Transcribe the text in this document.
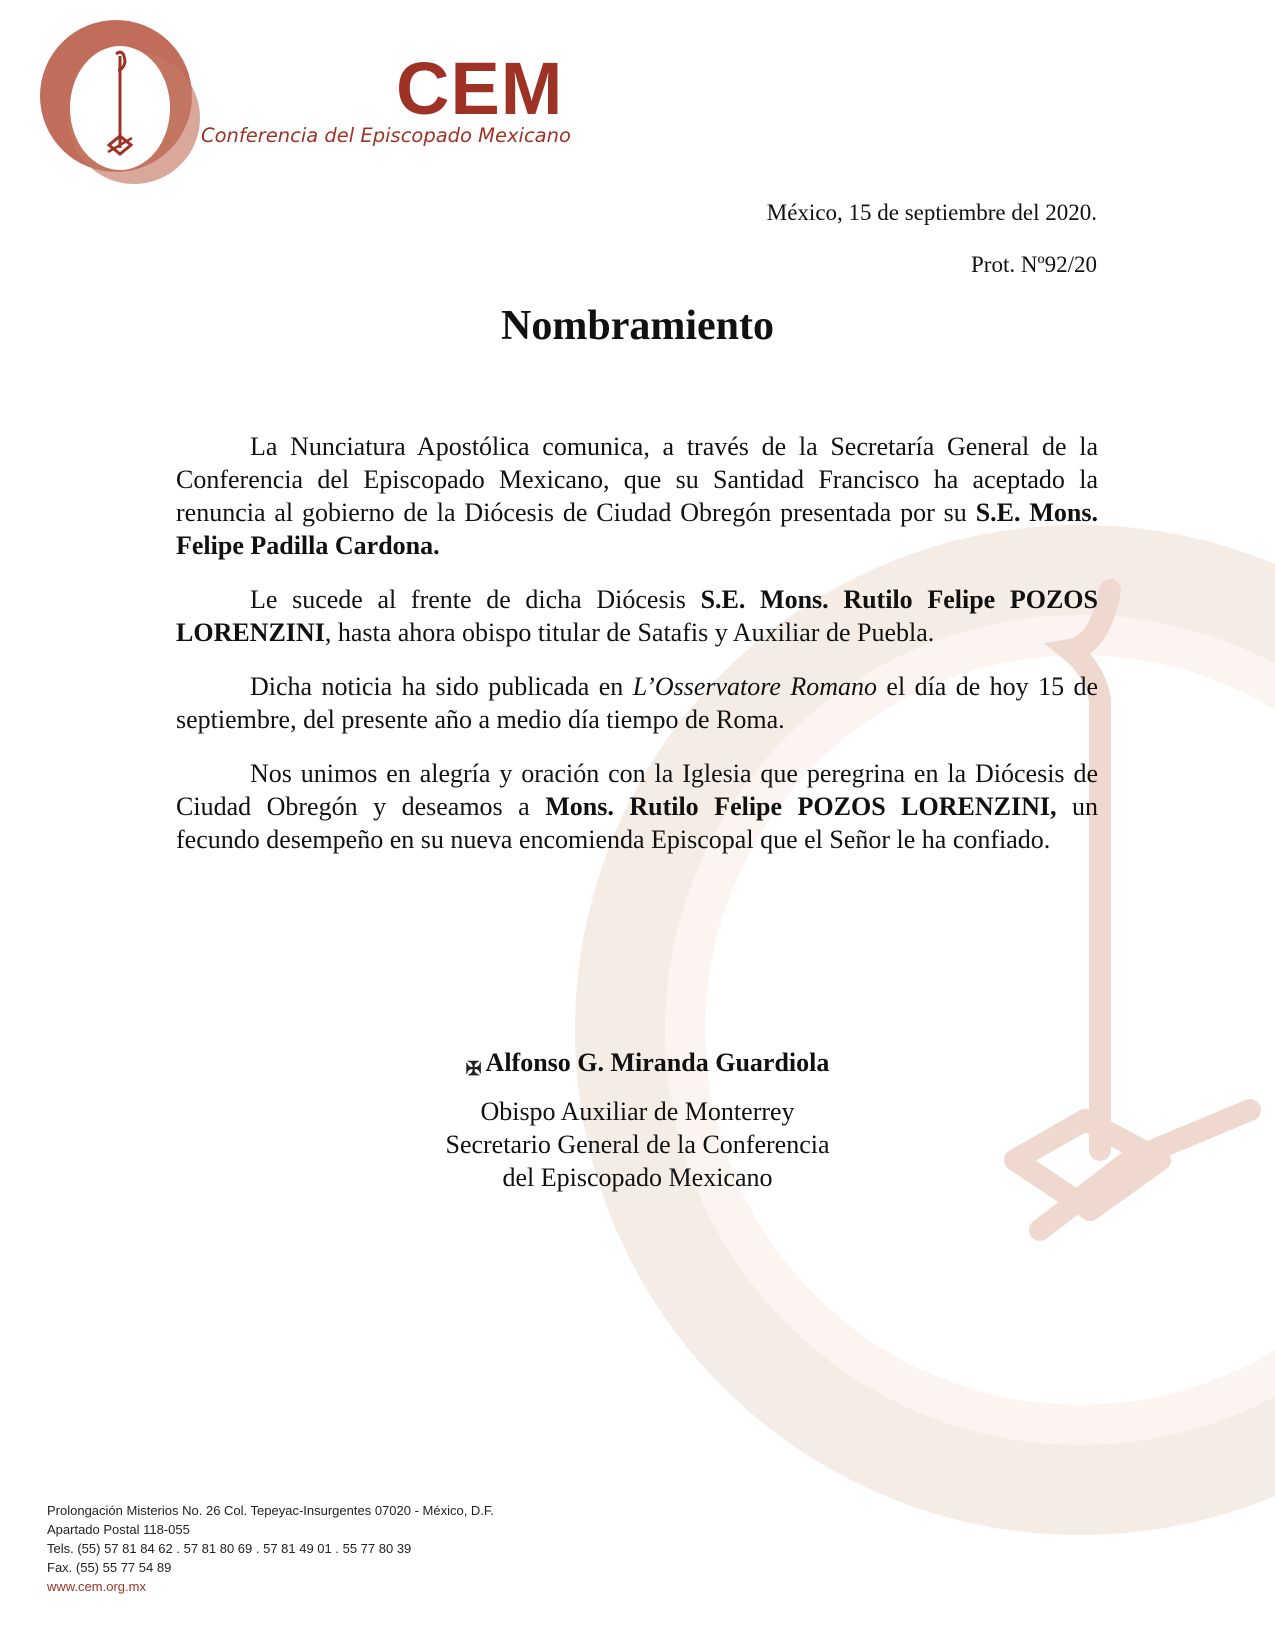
CEM
Conferencia del Episcopado Mexicano
México, 15 de septiembre del 2020.
Prot. Nº92/20
Nombramiento

La Nunciatura Apostólica comunica, a través de la Secretaría General de la Conferencia del Episcopado Mexicano, que su Santidad Francisco ha aceptado la renuncia al gobierno de la Diócesis de Ciudad Obregón presentada por su S.E. Mons. Felipe Padilla Cardona.

Le sucede al frente de dicha Diócesis S.E. Mons. Rutilo Felipe POZOS LORENZINI, hasta ahora obispo titular de Satafis y Auxiliar de Puebla.

Dicha noticia ha sido publicada en L’Osservatore Romano el día de hoy 15 de septiembre, del presente año a medio día tiempo de Roma.

Nos unimos en alegría y oración con la Iglesia que peregrina en la Diócesis de Ciudad Obregón y deseamos a Mons. Rutilo Felipe POZOS LORENZINI, un fecundo desempeño en su nueva encomienda Episcopal que el Señor le ha confiado.

✠ Alfonso G. Miranda Guardiola
Obispo Auxiliar de Monterrey
Secretario General de la Conferencia
del Episcopado Mexicano
Prolongación Misterios No. 26 Col. Tepeyac-Insurgentes 07020 - México, D.F.
Apartado Postal 118-055
Tels. (55) 57 81 84 62 . 57 81 80 69 . 57 81 49 01 . 55 77 80 39
Fax. (55) 55 77 54 89
www.cem.org.mx
